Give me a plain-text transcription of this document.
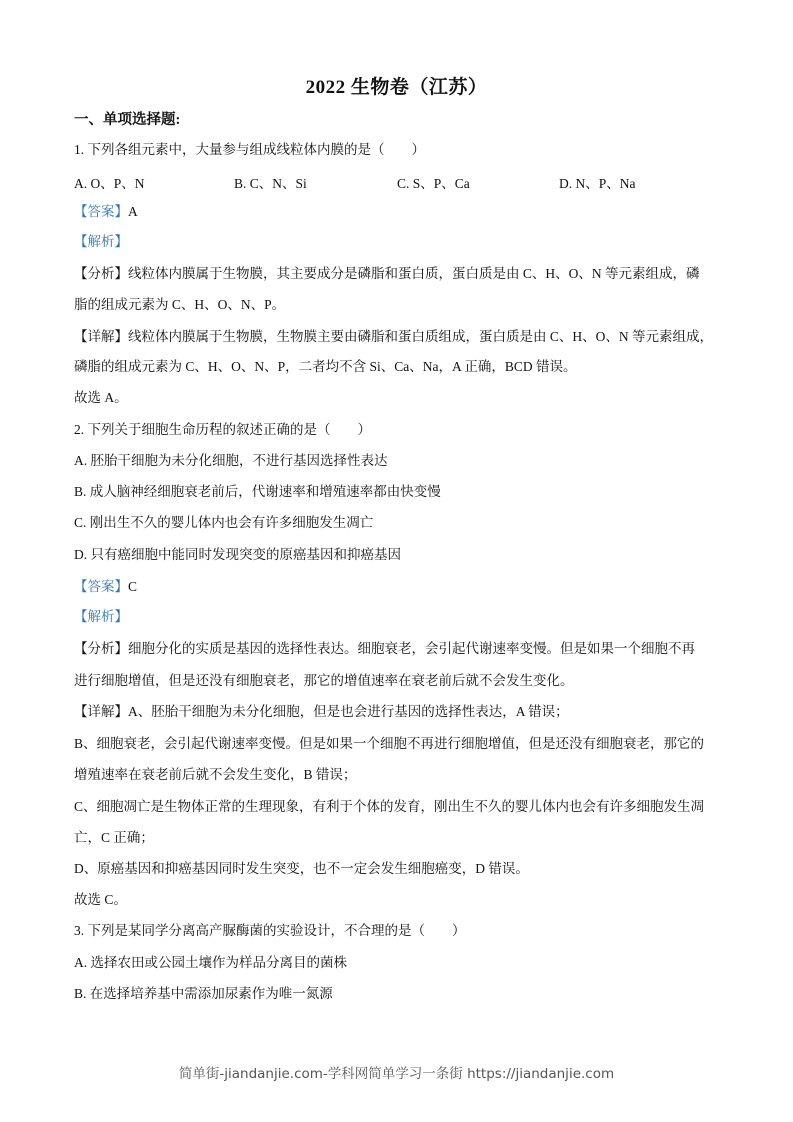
2022 生物卷（江苏）
一、单项选择题:
1. 下列各组元素中，大量参与组成线粒体内膜的是（　　）
A. O、P、N	B. C、N、Si	C. S、P、Ca	D. N、P、Na
【答案】A
【解析】
【分析】线粒体内膜属于生物膜，其主要成分是磷脂和蛋白质，蛋白质是由 C、H、O、N 等元素组成，磷
脂的组成元素为 C、H、O、N、P。
【详解】线粒体内膜属于生物膜，生物膜主要由磷脂和蛋白质组成，蛋白质是由 C、H、O、N 等元素组成，
磷脂的组成元素为 C、H、O、N、P，二者均不含 Si、Ca、Na，A 正确，BCD 错误。
故选 A。
2. 下列关于细胞生命历程的叙述正确的是（　　）
A. 胚胎干细胞为未分化细胞，不进行基因选择性表达
B. 成人脑神经细胞衰老前后，代谢速率和增殖速率都由快变慢
C. 刚出生不久的婴儿体内也会有许多细胞发生凋亡
D. 只有癌细胞中能同时发现突变的原癌基因和抑癌基因
【答案】C
【解析】
【分析】细胞分化的实质是基因的选择性表达。细胞衰老，会引起代谢速率变慢。但是如果一个细胞不再
进行细胞增值，但是还没有细胞衰老，那它的增值速率在衰老前后就不会发生变化。
【详解】A、胚胎干细胞为未分化细胞，但是也会进行基因的选择性表达，A 错误；
B、细胞衰老，会引起代谢速率变慢。但是如果一个细胞不再进行细胞增值，但是还没有细胞衰老，那它的
增殖速率在衰老前后就不会发生变化，B 错误；
C、细胞凋亡是生物体正常的生理现象，有利于个体的发育，刚出生不久的婴儿体内也会有许多细胞发生凋
亡，C 正确；
D、原癌基因和抑癌基因同时发生突变，也不一定会发生细胞癌变，D 错误。
故选 C。
3. 下列是某同学分离高产脲酶菌的实验设计，不合理的是（　　）
A. 选择农田或公园土壤作为样品分离目的菌株
B. 在选择培养基中需添加尿素作为唯一氮源
简单街-jiandanjie.com-学科网简单学习一条街 https://jiandanjie.com
